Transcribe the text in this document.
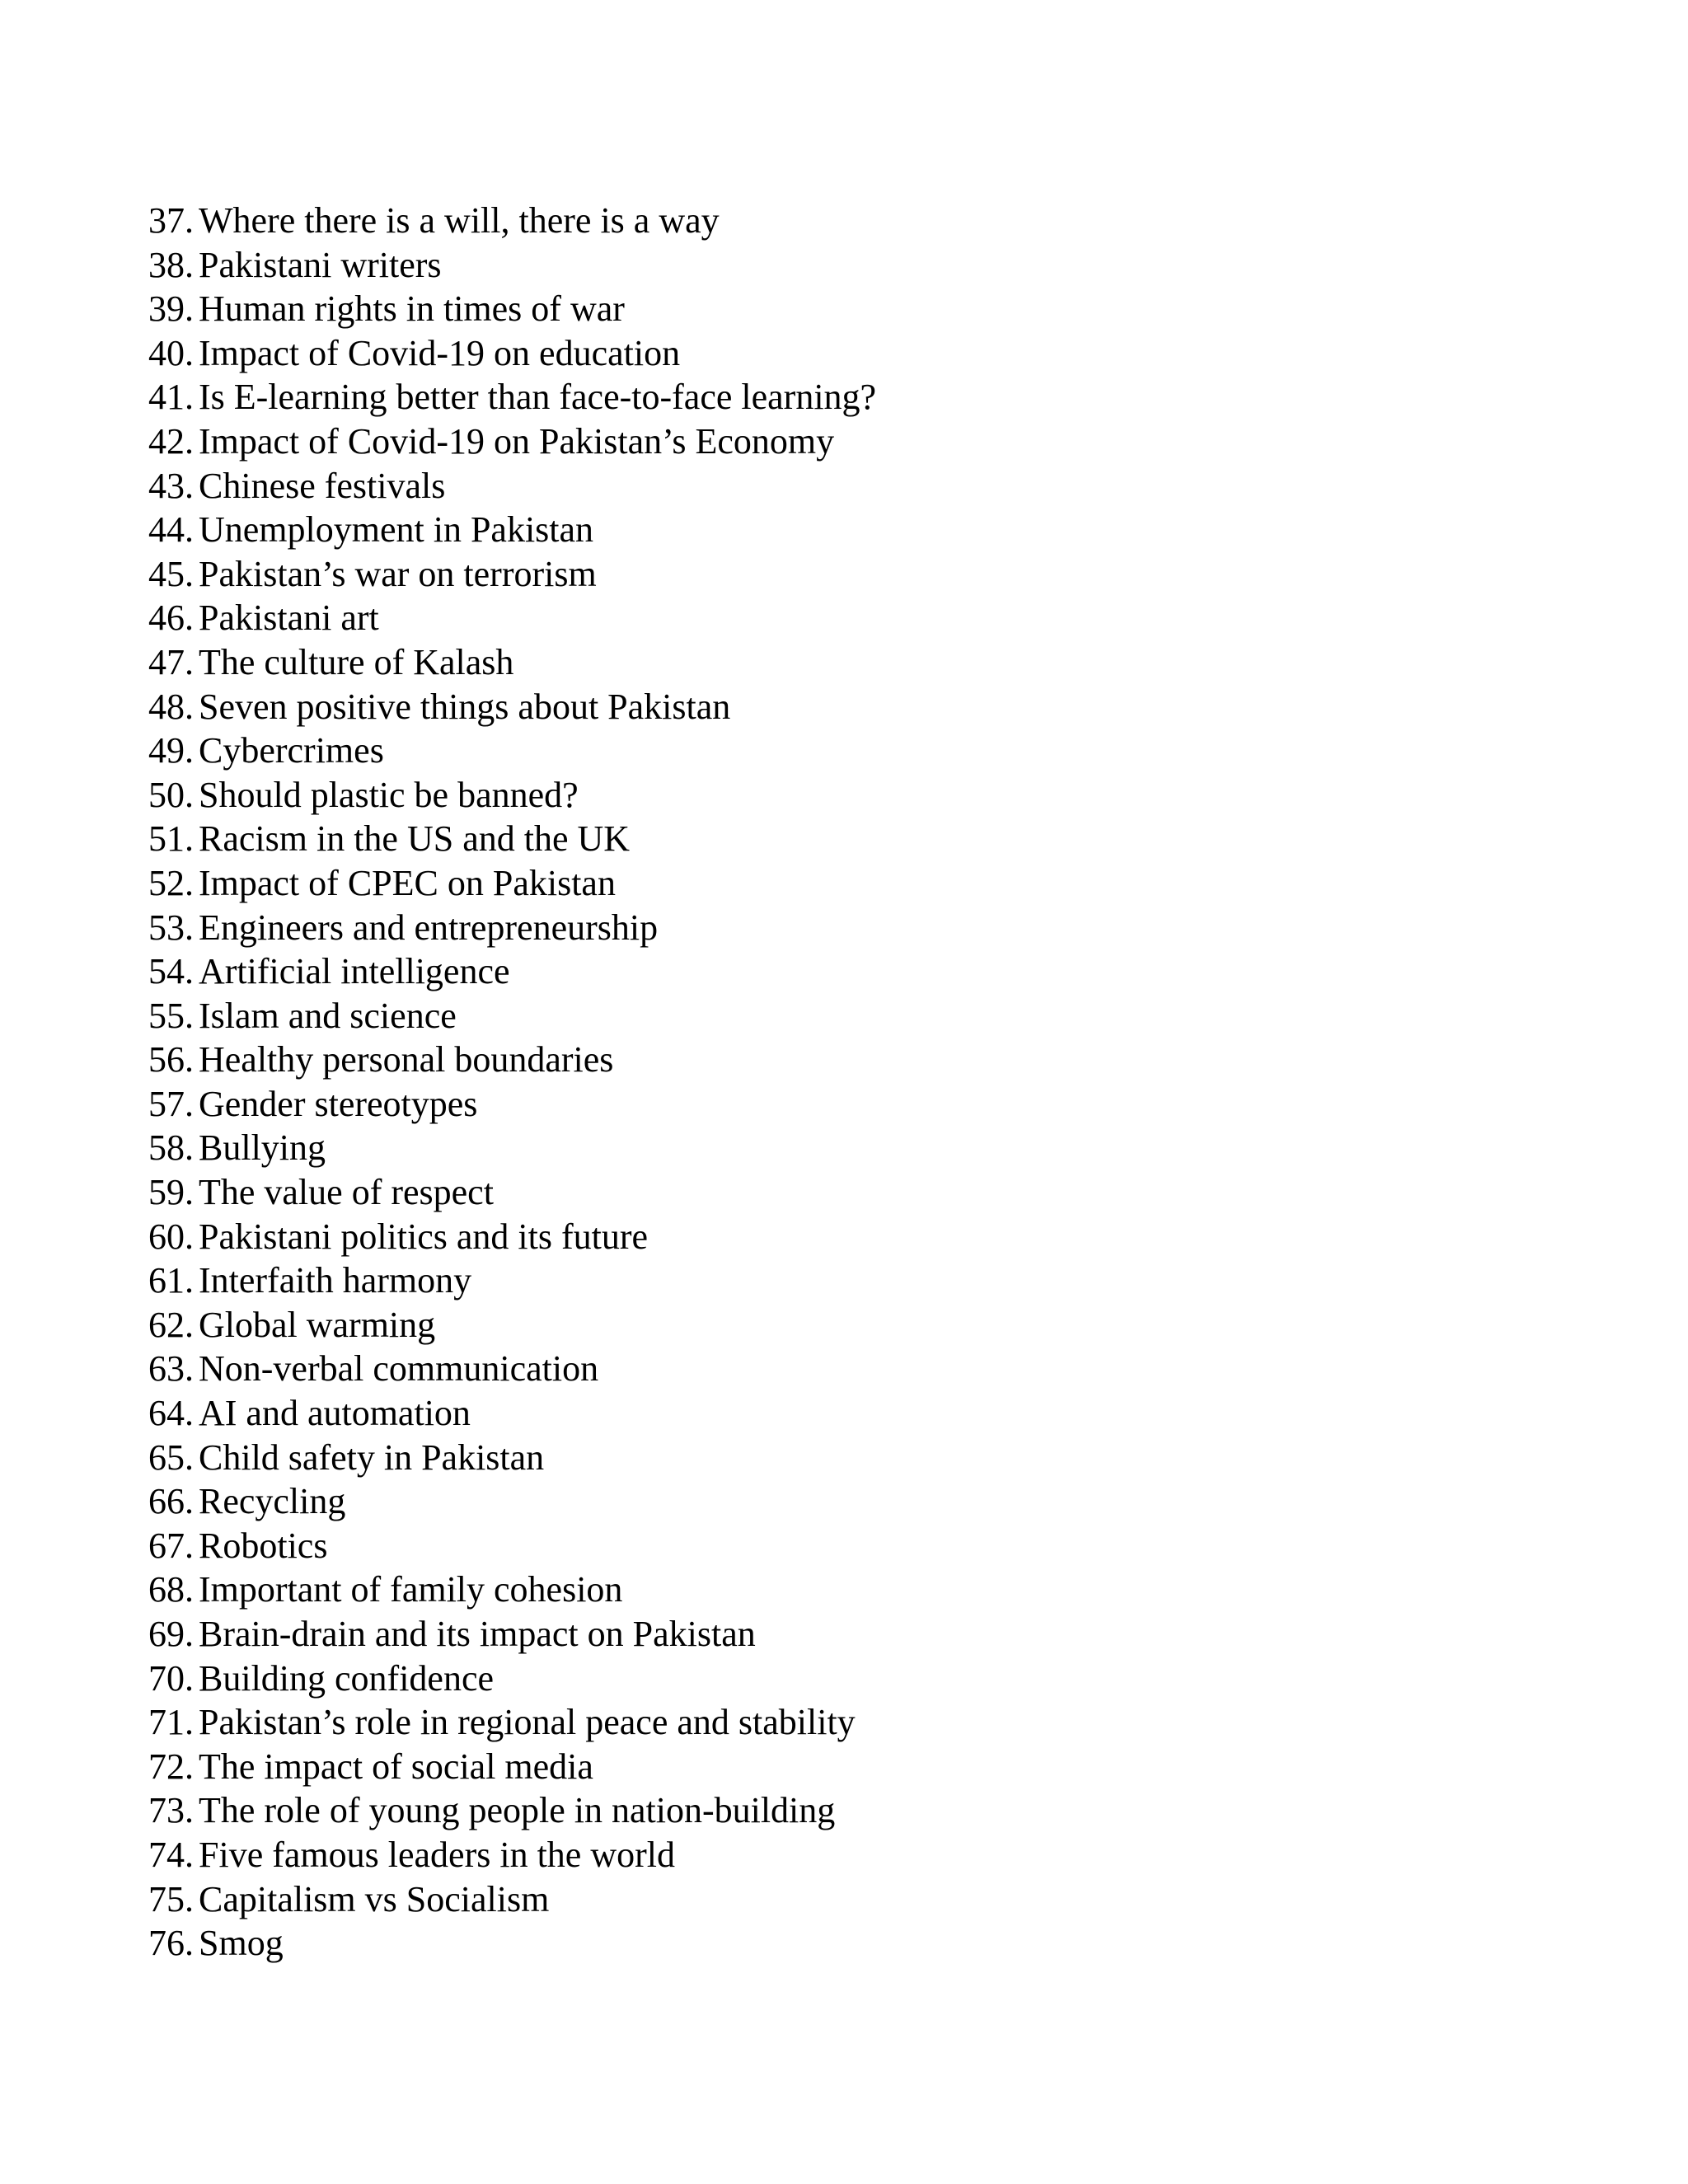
37. Where there is a will, there is a way
38. Pakistani writers
39. Human rights in times of war
40. Impact of Covid-19 on education
41. Is E-learning better than face-to-face learning?
42. Impact of Covid-19 on Pakistan’s Economy
43. Chinese festivals
44. Unemployment in Pakistan
45. Pakistan’s war on terrorism
46. Pakistani art
47. The culture of Kalash
48. Seven positive things about Pakistan
49. Cybercrimes
50. Should plastic be banned?
51. Racism in the US and the UK
52. Impact of CPEC on Pakistan
53. Engineers and entrepreneurship
54. Artificial intelligence
55. Islam and science
56. Healthy personal boundaries
57. Gender stereotypes
58. Bullying
59. The value of respect
60. Pakistani politics and its future
61. Interfaith harmony
62. Global warming
63. Non-verbal communication
64. AI and automation
65. Child safety in Pakistan
66. Recycling
67. Robotics
68. Important of family cohesion
69. Brain-drain and its impact on Pakistan
70. Building confidence
71. Pakistan’s role in regional peace and stability
72. The impact of social media
73. The role of young people in nation-building
74. Five famous leaders in the world
75. Capitalism vs Socialism
76. Smog
